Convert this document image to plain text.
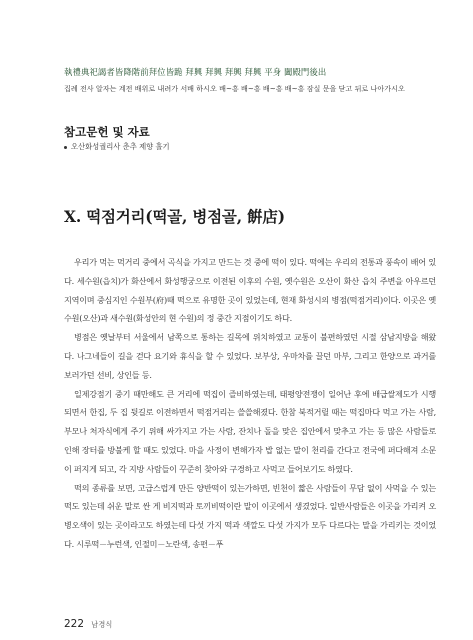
執禮典祀謁者皆降階前拜位皆跪 拜興 拜興 拜興 拜興 平身 闔殿門後出

집례 전사 알자는 계전 배위로 내려가 서배 하시오 배~흥 배~흥 배~흥 배~흥 잠실 문을 닫고 뒤로 나아가시오

참고문헌 및 자료

오산화성궐리사 춘추 제향 홀기

X. 떡점거리(떡골, 병점골, 餠店)

우리가 먹는 먹거리 중에서 곡식을 가지고 만드는 것 중에 떡이 있다. 떡에는 우리의 전통과 풍속이 배어 있다. 세수원(읍치)가 화산에서 화성행궁으로 이전된 이후의 수원, 옛수원은 오산이 화산 읍치 주변을 아우르던 지역이며 중심지인 수원부(府)때 떡으로 유명한 곳이 있었는데, 현재 화성시의 병점(떡점거리)이다. 이곳은 옛수원(오산)과 새수원(화성안의 현 수원)의 정 중간 지점이기도 하다.

병점은 옛날부터 서울에서 남쪽으로 통하는 길목에 위치하였고 교통이 불편하였던 시절 삼남지방을 해왔다. 나그네들이 길을 걷다 요기와 휴식을 할 수 있었다. 보부상, 우마차를 끌던 마부, 그리고 한양으로 과거를 보러가던 선비, 상인들 등.

일제강점기 중기 때만해도 큰 거리에 떡집이 즐비하였는데, 태평양전쟁이 일어난 후에 배급쌀제도가 시행되면서 한집, 두 집 뒷길로 이전하면서 떡점거리는 쓸쓸해졌다. 한참 북적거릴 때는 떡집마다 먹고 가는 사람, 부모나 처자식에게 주기 위해 싸가지고 가는 사람, 잔치나 돌을 맞은 집안에서 맞추고 가는 등 많은 사람들로 인해 장터를 방불케 할 때도 있었다. 마을 사정이 변해가자 밥 없는 말이 천리를 간다고 전국에 퍼다해져 소문이 퍼지게 되고, 각 지방 사람들이 꾸준히 찾아와 구경하고 사먹고 들어보기도 하였다.

떡의 종류를 보면, 고급스럽게 만든 양반떡이 있는가하면, 빈천이 짧은 사람들이 무담 없이 사먹을 수 있는 떡도 있는데 쉬운 말로 싼 게 비지떡과 토끼비떡이란 말이 이곳에서 생겼었다. 일반사람들은 이곳을 가리켜 오병오색이 있는 곳이라고도 하였는데 다섯 가지 떡과 색깔도 다섯 가지가 모두 다르다는 말을 가리키는 것이었다. 시루떡－누런색, 인절미－노란색, 송편－푸

222 남경식
